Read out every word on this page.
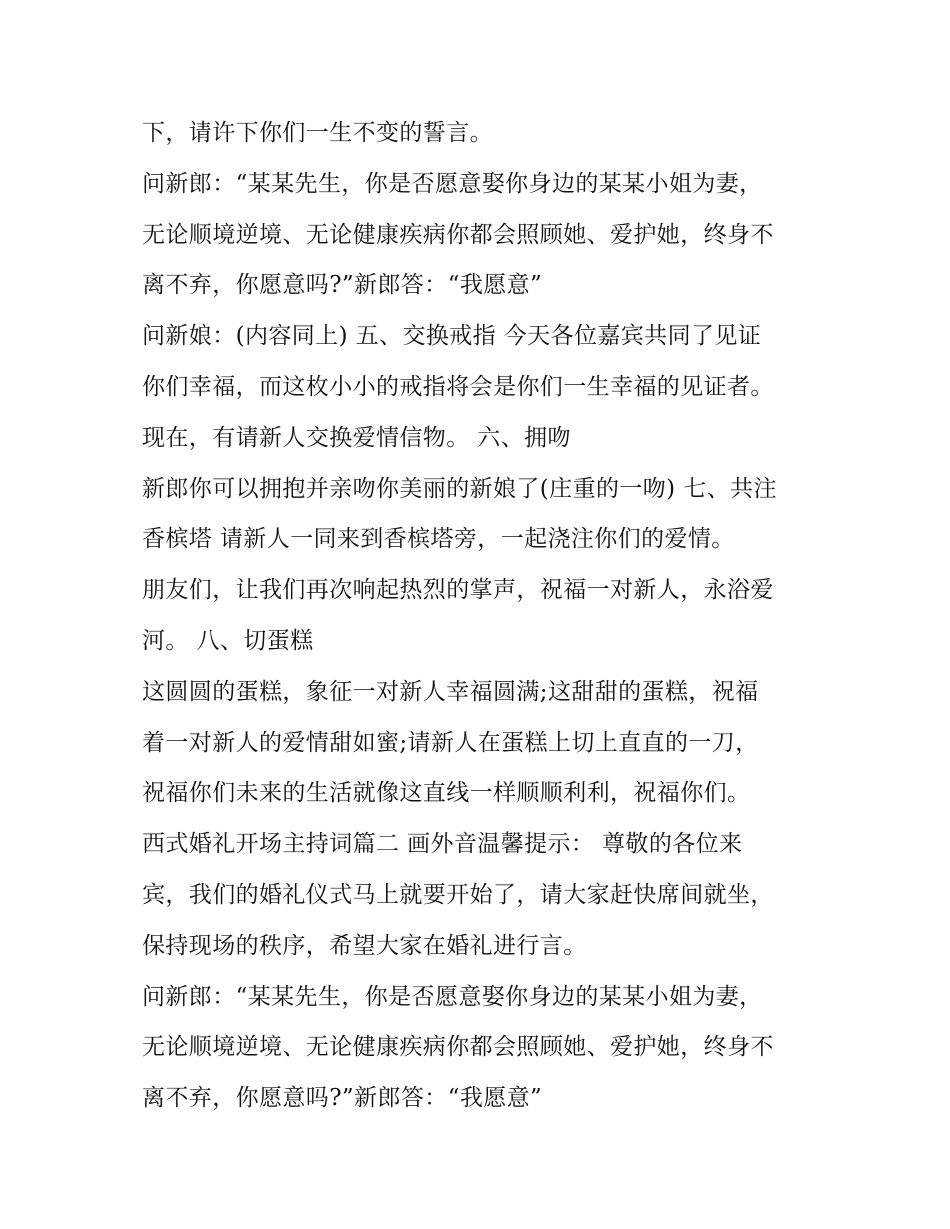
下，请许下你们一生不变的誓言。
问新郎：“某某先生，你是否愿意娶你身边的某某小姐为妻，
无论顺境逆境、无论健康疾病你都会照顾她、爱护她，终身不
离不弃，你愿意吗?”新郎答：“我愿意”
问新娘：(内容同上) 五、交换戒指 今天各位嘉宾共同了见证
你们幸福，而这枚小小的戒指将会是你们一生幸福的见证者。
现在，有请新人交换爱情信物。 六、拥吻
新郎你可以拥抱并亲吻你美丽的新娘了(庄重的一吻) 七、共注
香槟塔 请新人一同来到香槟塔旁，一起浇注你们的爱情。
朋友们，让我们再次响起热烈的掌声，祝福一对新人，永浴爱
河。 八、切蛋糕
这圆圆的蛋糕，象征一对新人幸福圆满;这甜甜的蛋糕，祝福
着一对新人的爱情甜如蜜;请新人在蛋糕上切上直直的一刀，
祝福你们未来的生活就像这直线一样顺顺利利，祝福你们。
西式婚礼开场主持词篇二 画外音温馨提示： 尊敬的各位来
宾，我们的婚礼仪式马上就要开始了，请大家赶快席间就坐，
保持现场的秩序，希望大家在婚礼进行言。
问新郎：“某某先生，你是否愿意娶你身边的某某小姐为妻，
无论顺境逆境、无论健康疾病你都会照顾她、爱护她，终身不
离不弃，你愿意吗?”新郎答：“我愿意”
